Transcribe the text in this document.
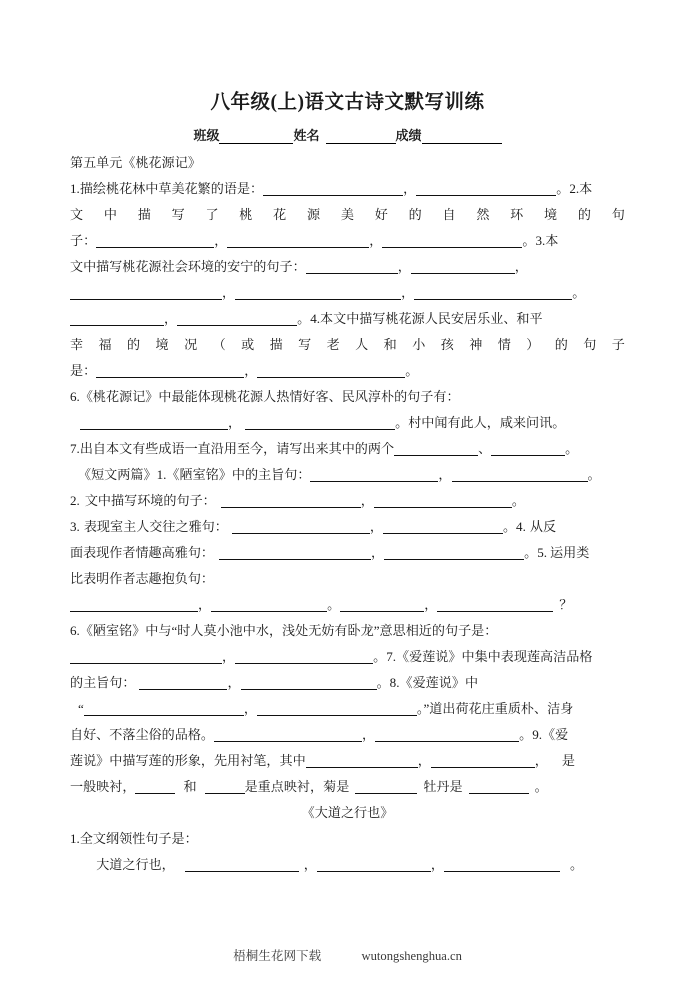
八年级(上)语文古诗文默写训练
班级	姓名	成绩
第五单元《桃花源记》
1.描绘桃花林中草美花繁的语是：	，	。2.本
文 中 描 写 了 桃 花 源 美 好 的 自 然 环 境 的 句
子：	，	，	。3.本
文中描写桃花源社会环境的安宁的句子：	，	，
，	，	。
，	。4.本文中描写桃花源人民安居乐业、和平
幸 福 的 境 况 （ 或 描 写 老 人 和 小 孩 神 情 ） 的 句 子
是：	，	。
6.《桃花源记》中最能体现桃花源人热情好客、民风淳朴的句子有：
，	。村中闻有此人，咸来问讯。
7.出自本文有些成语一直沿用至今，请写出来其中的两个	、	。
《短文两篇》1.《陋室铭》中的主旨句：	，	。
2. 文中描写环境的句子：	，	。
3. 表现室主人交往之雅句：	，	。4. 从反
面表现作者情趣高雅句：	，	。5. 运用类
比表明作者志趣抱负句：
，	。	，	？
6.《陋室铭》中与“时人莫小池中水，浅处无妨有卧龙”意思相近的句子是：
，	。7.《爱莲说》中集中表现莲高洁品格
的主旨句：	，	。8.《爱莲说》中
“	，	。”道出荷花庄重质朴、洁身
自好、不落尘俗的品格。	，	。9.《爱
莲说》中描写莲的形象，先用衬笔，其中	，	， 是
一般映衬，	和	是重点映衬，菊是	牡丹是	。
《大道之行也》
1.全文纲领性句子是：
大道之行也，	，	，	。
梧桐生花网下载	wutongshenghua.cn
